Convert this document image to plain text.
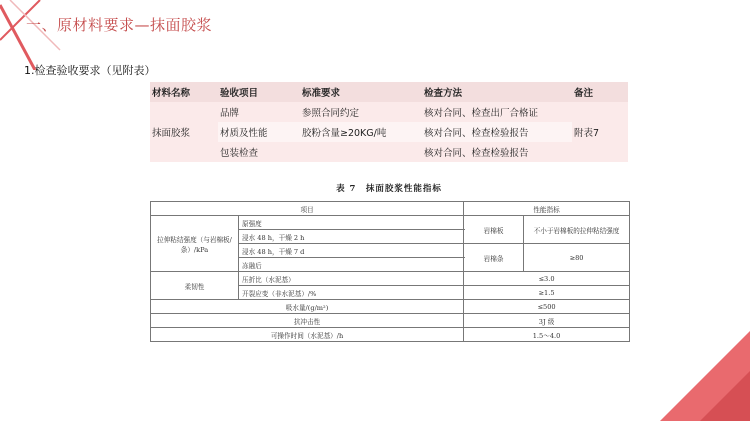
一、原材料要求—抹面胶浆
1.检查验收要求（见附表）
材料名称	验收项目	标准要求	检查方法	备注
抹面胶浆	品牌	参照合同约定	核对合同、检查出厂合格证	附表7
	材质及性能	胶粉含量≥20KG/吨	核对合同、检查检验报告	
	包装检查		核对合同、检查检验报告	
表 7　抹面胶浆性能指标
项目		性能指标	
拉伸粘结强度（与岩棉板/条）/kPa	原强度	岩棉板	不小于岩棉板的拉伸粘结强度
	浸水 48 h，干燥 2 h		
	浸水 48 h，干燥 7 d	岩棉条	≥80
	冻融后		
柔韧性	压折比（水泥基）	≤3.0	
	开裂应变（非水泥基）/%	≥1.5	
吸水量/(g/m²)		≤500	
抗冲击性		3J 级	
可操作时间（水泥基）/h		1.5～4.0	
